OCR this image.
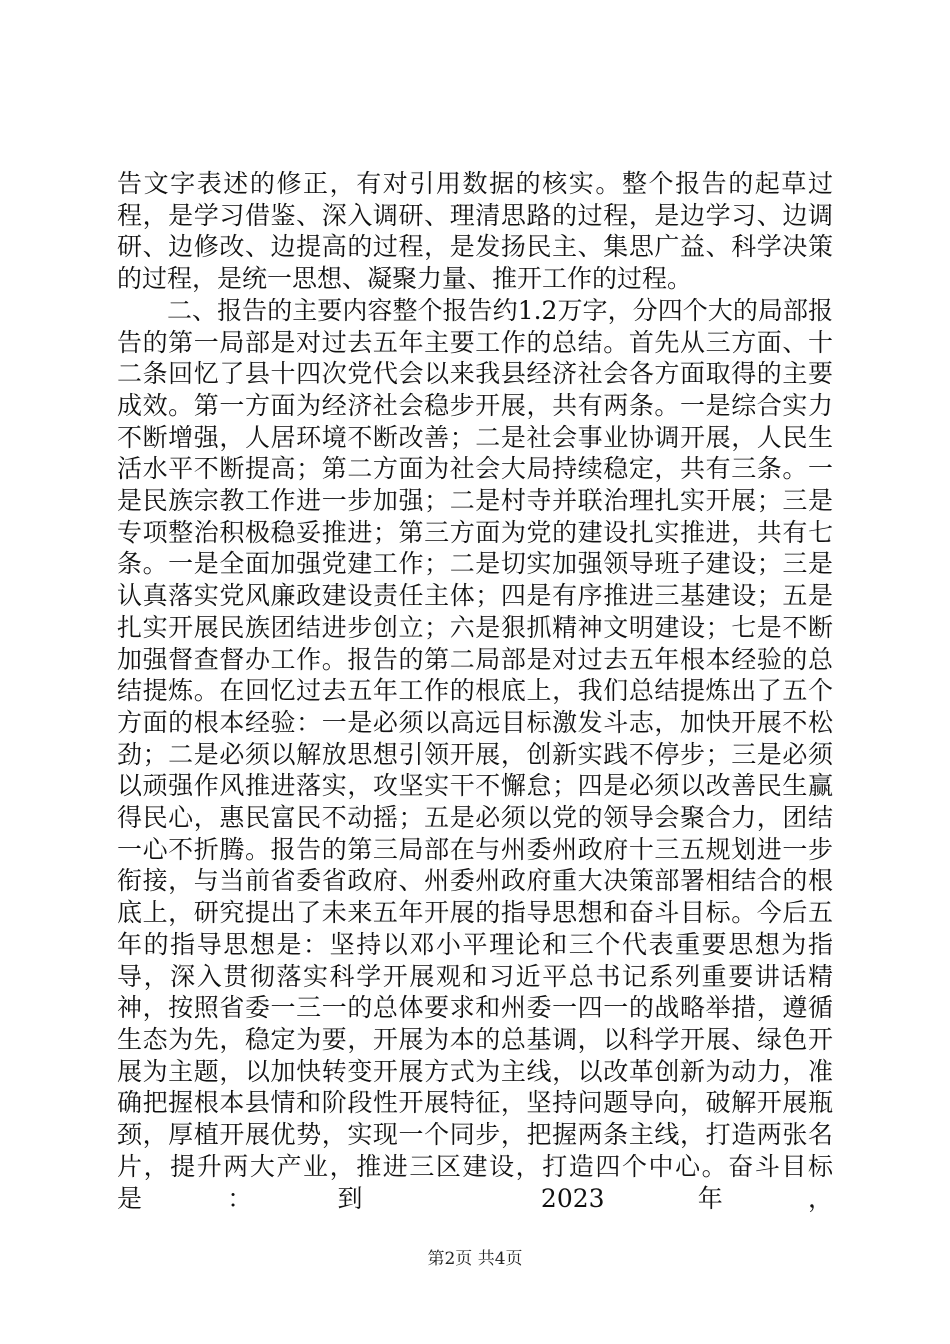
告文字表述的修正，有对引用数据的核实。整个报告的起草过程，是学习借鉴、深入调研、理清思路的过程，是边学习、边调研、边修改、边提高的过程，是发扬民主、集思广益、科学决策的过程，是统一思想、凝聚力量、推开工作的过程。

二、报告的主要内容整个报告约1.2万字，分四个大的局部报告的第一局部是对过去五年主要工作的总结。首先从三方面、十二条回忆了县十四次党代会以来我县经济社会各方面取得的主要成效。第一方面为经济社会稳步开展，共有两条。一是综合实力不断增强，人居环境不断改善；二是社会事业协调开展，人民生活水平不断提高；第二方面为社会大局持续稳定，共有三条。一是民族宗教工作进一步加强；二是村寺并联治理扎实开展；三是专项整治积极稳妥推进；第三方面为党的建设扎实推进，共有七条。一是全面加强党建工作；二是切实加强领导班子建设；三是认真落实党风廉政建设责任主体；四是有序推进三基建设；五是扎实开展民族团结进步创立；六是狠抓精神文明建设；七是不断加强督查督办工作。报告的第二局部是对过去五年根本经验的总结提炼。在回忆过去五年工作的根底上，我们总结提炼出了五个方面的根本经验：一是必须以高远目标激发斗志，加快开展不松劲；二是必须以解放思想引领开展，创新实践不停步；三是必须以顽强作风推进落实，攻坚实干不懈怠；四是必须以改善民生赢得民心，惠民富民不动摇；五是必须以党的领导会聚合力，团结一心不折腾。报告的第三局部在与州委州政府十三五规划进一步衔接，与当前省委省政府、州委州政府重大决策部署相结合的根底上，研究提出了未来五年开展的指导思想和奋斗目标。今后五年的指导思想是：坚持以邓小平理论和三个代表重要思想为指导，深入贯彻落实科学开展观和习近平总书记系列重要讲话精神，按照省委一三一的总体要求和州委一四一的战略举措，遵循生态为先，稳定为要，开展为本的总基调，以科学开展、绿色开展为主题，以加快转变开展方式为主线，以改革创新为动力，准确把握根本县情和阶段性开展特征，坚持问题导向，破解开展瓶颈，厚植开展优势，实现一个同步，把握两条主线，打造两张名片，提升两大产业，推进三区建设，打造四个中心。奋斗目标是：到 2023 年，

第2页 共4页
